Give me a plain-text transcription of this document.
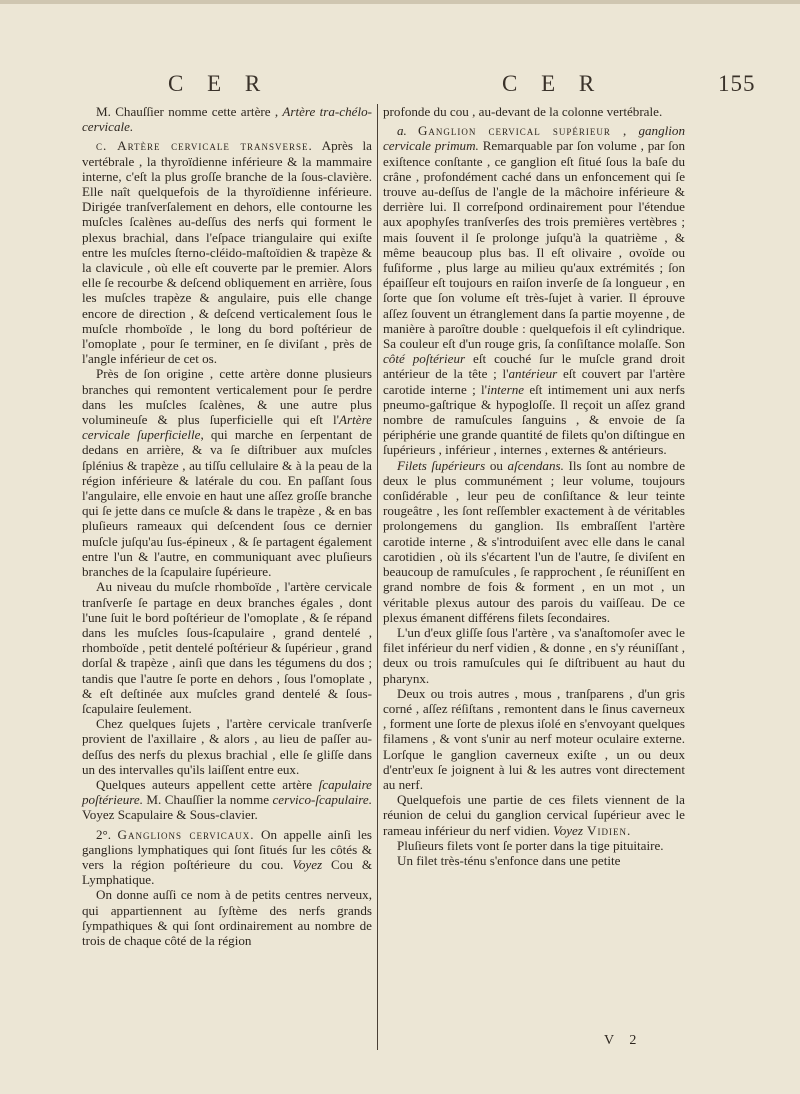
C E R	C E R	155

M. Chauſſier nomme cette artère , Artère tra-chélo-cervicale.

c. Artère cervicale transverse. Après la vertébrale , la thyroïdienne inférieure & la mammaire interne, c'eſt la plus groſſe branche de la ſous-clavière. Elle naît quelquefois de la thyroïdienne inférieure. Dirigée tranſverſalement en dehors, elle contourne les muſcles ſcalènes au-deſſus des nerfs qui forment le plexus brachial, dans l'eſpace triangulaire qui exiſte entre les muſcles ſterno-cléido-maſtoïdien & trapèze & la clavicule , où elle eſt couverte par le premier. Alors elle ſe recourbe & deſcend obliquement en arrière, ſous les muſcles trapèze & angulaire, puis elle change encore de direction , & deſcend verticalement ſous le muſcle rhomboïde , le long du bord poſtérieur de l'omoplate , pour ſe terminer, en ſe diviſant , près de l'angle inférieur de cet os.

Près de ſon origine , cette artère donne plusieurs branches qui remontent verticalement pour ſe perdre dans les muſcles ſcalènes, & une autre plus volumineuſe & plus ſuperficielle qui eſt l'Artère cervicale ſuperficielle, qui marche en ſerpentant de dedans en arrière, & va ſe diſtribuer aux muſcles ſplénius & trapèze , au tiſſu cellulaire & à la peau de la région inférieure & latérale du cou. En paſſant ſous l'angulaire, elle envoie en haut une aſſez groſſe branche qui ſe jette dans ce muſcle & dans le trapèze , & en bas pluſieurs rameaux qui deſcendent ſous ce dernier muſcle juſqu'au ſus-épineux , & ſe partagent également entre l'un & l'autre, en communiquant avec pluſieurs branches de la ſcapulaire ſupérieure.

Au niveau du muſcle rhomboïde , l'artère cervicale tranſverſe ſe partage en deux branches égales , dont l'une ſuit le bord poſtérieur de l'omoplate , & ſe répand dans les muſcles ſous-ſcapulaire , grand dentelé , rhomboïde , petit dentelé poſtérieur & ſupérieur , grand dorſal & trapèze , ainſi que dans les tégumens du dos ; tandis que l'autre ſe porte en dehors , ſous l'omoplate , & eſt deſtinée aux muſcles grand dentelé & ſous-ſcapulaire ſeulement.

Chez quelques ſujets , l'artère cervicale tranſverſe provient de l'axillaire , & alors , au lieu de paſſer au-deſſus des nerfs du plexus brachial , elle ſe gliſſe dans un des intervalles qu'ils laiſſent entre eux.

Quelques auteurs appellent cette artère ſcapulaire poſtérieure. M. Chauſſier la nomme cervico-ſcapulaire. Voyez Scapulaire & Sous-clavier.

2°. Ganglions cervicaux. On appelle ainſi les ganglions lymphatiques qui ſont ſitués ſur les côtés & vers la région poſtérieure du cou. Voyez Cou & Lymphatique.

On donne auſſi ce nom à de petits centres nerveux, qui appartiennent au ſyſtème des nerfs grands ſympathiques & qui ſont ordinairement au nombre de trois de chaque côté de la région

profonde du cou , au-devant de la colonne vertébrale.

a. Ganglion cervical supérieur , ganglion cervicale primum. Remarquable par ſon volume , par ſon exiſtence conſtante , ce ganglion eſt ſitué ſous la baſe du crâne , profondément caché dans un enfoncement qui ſe trouve au-deſſus de l'angle de la mâchoire inférieure & derrière lui. Il correſpond ordinairement pour l'étendue aux apophyſes tranſverſes des trois premières vertèbres ; mais ſouvent il ſe prolonge juſqu'à la quatrième , & même beaucoup plus bas. Il eſt olivaire , ovoïde ou fuſiforme , plus large au milieu qu'aux extrémités ; ſon épaiſſeur eſt toujours en raiſon inverſe de ſa longueur , en ſorte que ſon volume eſt très-ſujet à varier. Il éprouve aſſez ſouvent un étranglement dans ſa partie moyenne , de manière à paroître double : quelquefois il eſt cylindrique. Sa couleur eſt d'un rouge gris, ſa conſiſtance molaſſe. Son côté poſtérieur eſt couché ſur le muſcle grand droit antérieur de la tête ; l'antérieur eſt couvert par l'artère carotide interne ; l'interne eſt intimement uni aux nerfs pneumo-gaſtrique & hypogloſſe. Il reçoit un aſſez grand nombre de ramuſcules ſanguins , & envoie de ſa périphérie une grande quantité de filets qu'on diſtingue en ſupérieurs , inférieur , internes , externes & antérieurs.

Filets ſupérieurs ou aſcendans. Ils ſont au nombre de deux le plus communément ; leur volume, toujours conſidérable , leur peu de conſiſtance & leur teinte rougeâtre , les ſont reſſembler exactement à de véritables prolongemens du ganglion. Ils embraſſent l'artère carotide interne , & s'introduiſent avec elle dans le canal carotidien , où ils s'écartent l'un de l'autre, ſe diviſent en beaucoup de ramuſcules , ſe rapprochent , ſe réuniſſent en grand nombre de fois & forment , en un mot , un véritable plexus autour des parois du vaiſſeau. De ce plexus émanent différens filets ſecondaires.

L'un d'eux gliſſe ſous l'artère , va s'anaſtomoſer avec le filet inférieur du nerf vidien , & donne , en s'y réuniſſant , deux ou trois ramuſcules qui ſe diſtribuent au haut du pharynx.

Deux ou trois autres , mous , tranſparens , d'un gris corné , aſſez réſiſtans , remontent dans le ſinus caverneux , forment une ſorte de plexus iſolé en s'envoyant quelques filamens , & vont s'unir au nerf moteur oculaire externe. Lorſque le ganglion caverneux exiſte , un ou deux d'entr'eux ſe joignent à lui & les autres vont directement au nerf.

Quelquefois une partie de ces filets viennent de la réunion de celui du ganglion cervical ſupérieur avec le rameau inférieur du nerf vidien. Voyez Vidien.

Pluſieurs filets vont ſe porter dans la tige pituitaire.

Un filet très-ténu s'enfonce dans une petite

V 2
